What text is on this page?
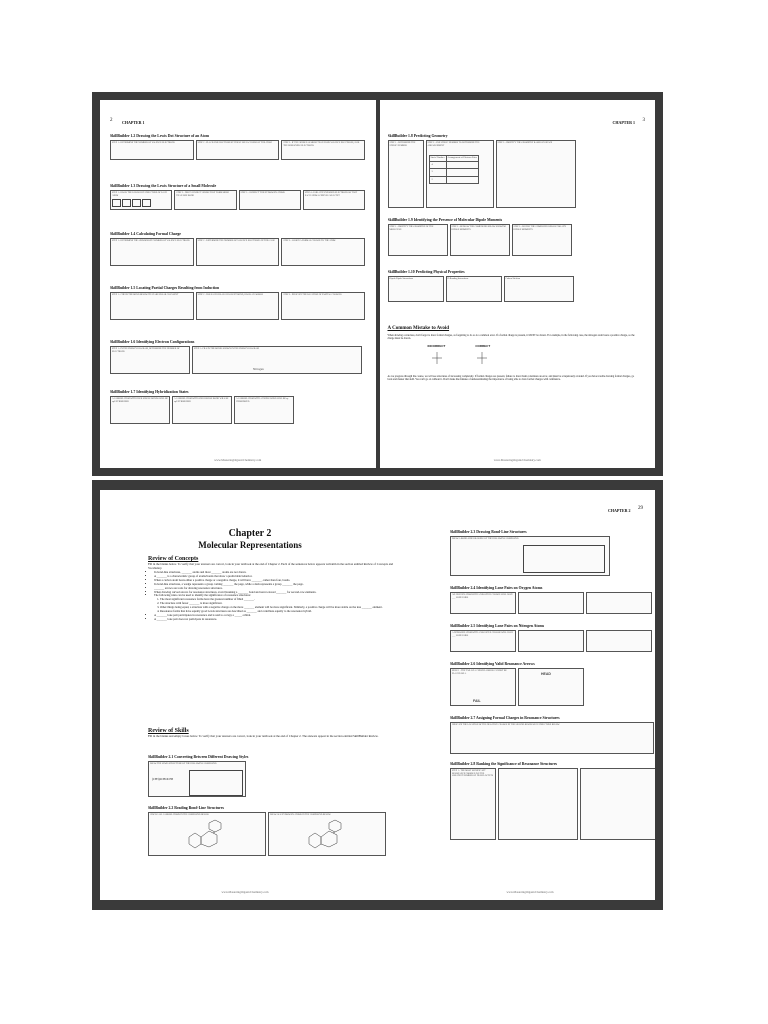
2 CHAPTER 1
SkillBuilder 1.2 Drawing the Lewis Dot Structure of an Atom
STEP 1 - DETERMINE THE NUMBER OF VALENCE ELECTRONS	STEP 2 - PLACE ONE ELECTRON BY ITSELF ON EACH SIDE OF THE ATOM	STEP 3 - IF THE ATOM HAS MORE THAN FOUR VALENCE ELECTRONS, PAIR THE REMAINING ELECTRONS
SkillBuilder 1.3 Drawing the Lewis Structure of a Small Molecule
STEP 1 - DRAW THE LEWIS DOT STRUCTURE OF EACH ATOM
STEP 2 - FIRST CONNECT ATOMS THAT FORM MORE THAN ONE BOND
STEP 3 - CONNECT THE HYDROGEN ATOMS	STEP 4 - PAIR ANY UNPAIRED ELECTRONS SO THAT EACH ATOM ACHIEVES AN OCTET
SkillBuilder 1.4 Calculating Formal Charge
STEP 1 - DETERMINE THE APPROPRIATE NUMBER OF VALENCE ELECTRONS	STEP 2 - DETERMINE THE NUMBER OF VALENCE ELECTRONS IN THIS CASE	STEP 3 - ASSIGN A FORMAL CHARGE TO THE ATOM
SkillBuilder 1.5 Locating Partial Charges Resulting from Induction
STEP 1 - CHECK THE BOND BELOW THAT ARE POLAR COVALENT	STEP 2 - FOR EACH POLAR COVALENT BOND, DRAW AN ARROW	STEP 3 - INDICATE THE LOCATION OF PARTIAL CHARGES
SkillBuilder 1.6 Identifying Electron Configurations
STEP 1 - IN THE ENERGY DIAGRAM, DETERMINE THE NUMBER OF ELECTRONS
STEP 2 - FILL IN THE BOXES SHOWN IN THE ENERGY DIAGRAM
Nitrogen
SkillBuilder 1.7 Identifying Hybridization States
A CARBON ATOM WITH FOUR SINGLE BONDS WILL BE sp3 HYBRIDIZED
A CARBON ATOM WITH ONE DOUBLE BOND WILL BE sp2 HYBRIDIZED
A CARBON ATOM WITH A TRIPLE BOND WILL BE sp HYBRIDIZED
www.MasteringOrganicChemistry.com
CHAPTER 1 3
SkillBuilder 1.8 Predicting Geometry
STEP 1 - DETERMINE THE STERIC NUMBER
STEP 2 - USE STERIC NUMBER TO DETERMINE THE ARRANGEMENT
Steric Number	Arrangement of Electron Pairs
4	
3	
2	
STEP 3 - IDENTIFY THE GEOMETRY BASED ON SHAPE
SkillBuilder 1.9 Identifying the Presence of Molecular Dipole Moments
STEP 1 - IDENTIFY THE GEOMETRY OF THE MOLECULE
STEP 2 - REDRAW THE COMPOUND BELOW SHOWING DIPOLE MOMENTS
STEP 3 - DECIDE THE COMPOUND BELOW FOR ANY DIPOLE MOMENTS
SkillBuilder 1.10 Predicting Physical Properties
Dipole-Dipole Interactions	H-Bonding Interactions	Carbon Skeleton

A Common Mistake to Avoid

When drawing a structure, don't forget to draw formal charges, as forgetting to do so is a common error. If a formal charge is present, it MUST be drawn. For example, in the following case, the nitrogen atom bears a positive charge, so the charge must be drawn.

INCORRECT	CORRECT

As we progress through the course, we will see structures of increasing complexity. If formal charges are present, failure to draw them constitutes an error, and must be scrupulously avoided. If you have trouble drawing formal charges, go back and master that skill. You can't go on without it. Don't make the mistake of underestimating the importance of being able to draw formal charges with confidence.

www.MasteringOrganicChemistry.com
CHAPTER 2 29
Chapter 2
Molecular Representations

Review of Concepts

Fill in the blanks below. To verify that your answers are correct, look in your textbook at the end of Chapter 2. Each of the sentences below appears verbatim in the section entitled Review of Concepts and Vocabulary.

• In bond-line structures, _______ atoms and most _______ atoms are not drawn.
• A _______ is a characteristic group of atoms/bonds that show a predictable behavior.
• When a carbon atom bears either a positive charge or a negative charge, it will have _______, rather than four, bonds.
• In bond-line structures, a wedge represents a group coming _______ the page, while a dash represents a group _______ the page.
• _______ arrows are tools for drawing resonance structures.
• When drawing curved arrows for resonance structures, avoid breaking a _______ bond and never exceed _______ for second-row elements.
• The following rules can be used to identify the significance of resonance structures:
1. The most significant resonance forms have the greatest number of filled _______.
2. The structure with fewer _______ is more significant.
3. Other things being equal, a structure with a negative charge on the more _______ element will be more significant. Similarly, a positive charge will be more stable on the less _______ element.
4. Resonance forms that have equally good Lewis structures are described as _______ and contribute equally to the resonance hybrid.
• A _______ lone pair participates in resonance and is said to occupy a _____ orbital.
• A _______ lone pair does not participate in resonance.

Review of Skills

Fill in the blanks and empty boxes below. To verify that your answers are correct, look in your textbook at the end of Chapter 2. The answers appear in the section entitled SkillBuilder Review.

SkillBuilder 2.1 Converting Between Different Drawing Styles
DRAW THE LEWIS STRUCTURE OF THE FOLLOWING COMPOUND
(CH3)2CHOCH3
SkillBuilder 2.2 Reading Bond-Line Structures
CIRCLE ALL CARBON ATOMS IN THE COMPOUND BELOW	DRAW ALL HYDROGEN ATOMS IN THE COMPOUND BELOW
www.MasteringOrganicChemistry.com
SkillBuilder 2.3 Drawing Bond-Line Structures
DRAW A BOND-LINE DRAWING OF THE FOLLOWING COMPOUND
SkillBuilder 2.4 Identifying Lone Pairs on Oxygen Atoms
AN OXYGEN ATOM WITH A NEGATIVE CHARGE WILL HAVE ___ LONE PAIRS
SkillBuilder 2.5 Identifying Lone Pairs on Nitrogen Atoms
A NITROGEN ATOM WITH A NEGATIVE CHARGE WILL HAVE ___ LONE PAIRS
SkillBuilder 2.6 Identifying Valid Resonance Arrows
RULE 1 - THE TAIL OF A CURVED ARROW CANNOT BE PLACED ON A
FAIL
HEAD
SkillBuilder 2.7 Assigning Formal Charges in Resonance Structures
INDICATE THE LOCATION OF THE NEGATIVE CHARGE IN THE SECOND RESONANCE STRUCTURE BELOW
SkillBuilder 2.8 Ranking the Significance of Resonance Structures
STEP 1 - THE MOST SIGNIFICANT RESONANCE FORMS HAVE THE GREATEST NUMBER OF FILLED OCTETS
www.MasteringOrganicChemistry.com
